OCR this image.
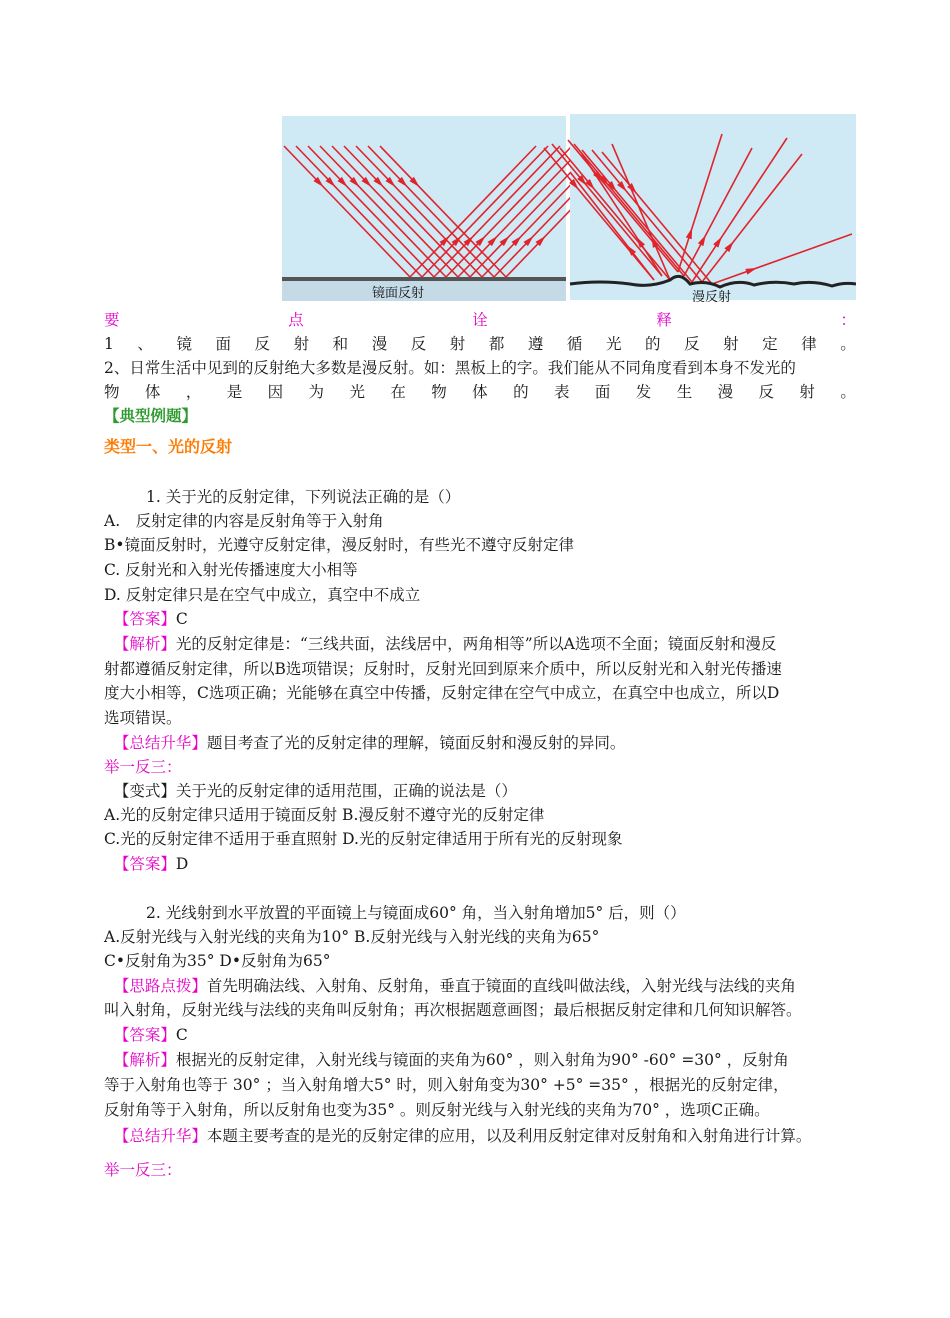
镜面反射	漫反射
要	点	诠	释	：
1 、 镜 面 反 射 和 漫 反 射 都 遵 循 光 的 反 射 定 律 。
2、日常生活中见到的反射绝大多数是漫反射。如：黑板上的字。我们能从不同角度看到本身不发光的
物 体 ， 是 因 为 光 在 物 体 的 表 面 发 生 漫 反 射 。
【典型例题】
类型一、光的反射
1. 关于光的反射定律，下列说法正确的是（）
A.　反射定律的内容是反射角等于入射角
B•镜面反射时，光遵守反射定律，漫反射时，有些光不遵守反射定律
C. 反射光和入射光传播速度大小相等
D. 反射定律只是在空气中成立，真空中不成立
【答案】C
【解析】光的反射定律是：“三线共面，法线居中，两角相等”所以A选项不全面；镜面反射和漫反
射都遵循反射定律，所以B选项错误；反射时，反射光回到原来介质中，所以反射光和入射光传播速
度大小相等，C选项正确；光能够在真空中传播，反射定律在空气中成立，在真空中也成立，所以D
选项错误。
【总结升华】题目考查了光的反射定律的理解，镜面反射和漫反射的异同。
举一反三：
【变式】关于光的反射定律的适用范围，正确的说法是（）
A.光的反射定律只适用于镜面反射 B.漫反射不遵守光的反射定律
C.光的反射定律不适用于垂直照射 D.光的反射定律适用于所有光的反射现象
【答案】D
2. 光线射到水平放置的平面镜上与镜面成60° 角，当入射角增加5° 后，则（）
A.反射光线与入射光线的夹角为10° B.反射光线与入射光线的夹角为65°
C•反射角为35° D•反射角为65°
【思路点拨】首先明确法线、入射角、反射角，垂直于镜面的直线叫做法线，入射光线与法线的夹角
叫入射角，反射光线与法线的夹角叫反射角；再次根据题意画图；最后根据反射定律和几何知识解答。
【答案】C
【解析】根据光的反射定律，入射光线与镜面的夹角为60° ，则入射角为90° -60° =30° ，反射角
等于入射角也等于 30° ；当入射角增大5° 时，则入射角变为30° +5° =35° ，根据光的反射定律，
反射角等于入射角，所以反射角也变为35° 。则反射光线与入射光线的夹角为70° ，选项C正确。
【总结升华】本题主要考查的是光的反射定律的应用，以及利用反射定律对反射角和入射角进行计算。
举一反三：
